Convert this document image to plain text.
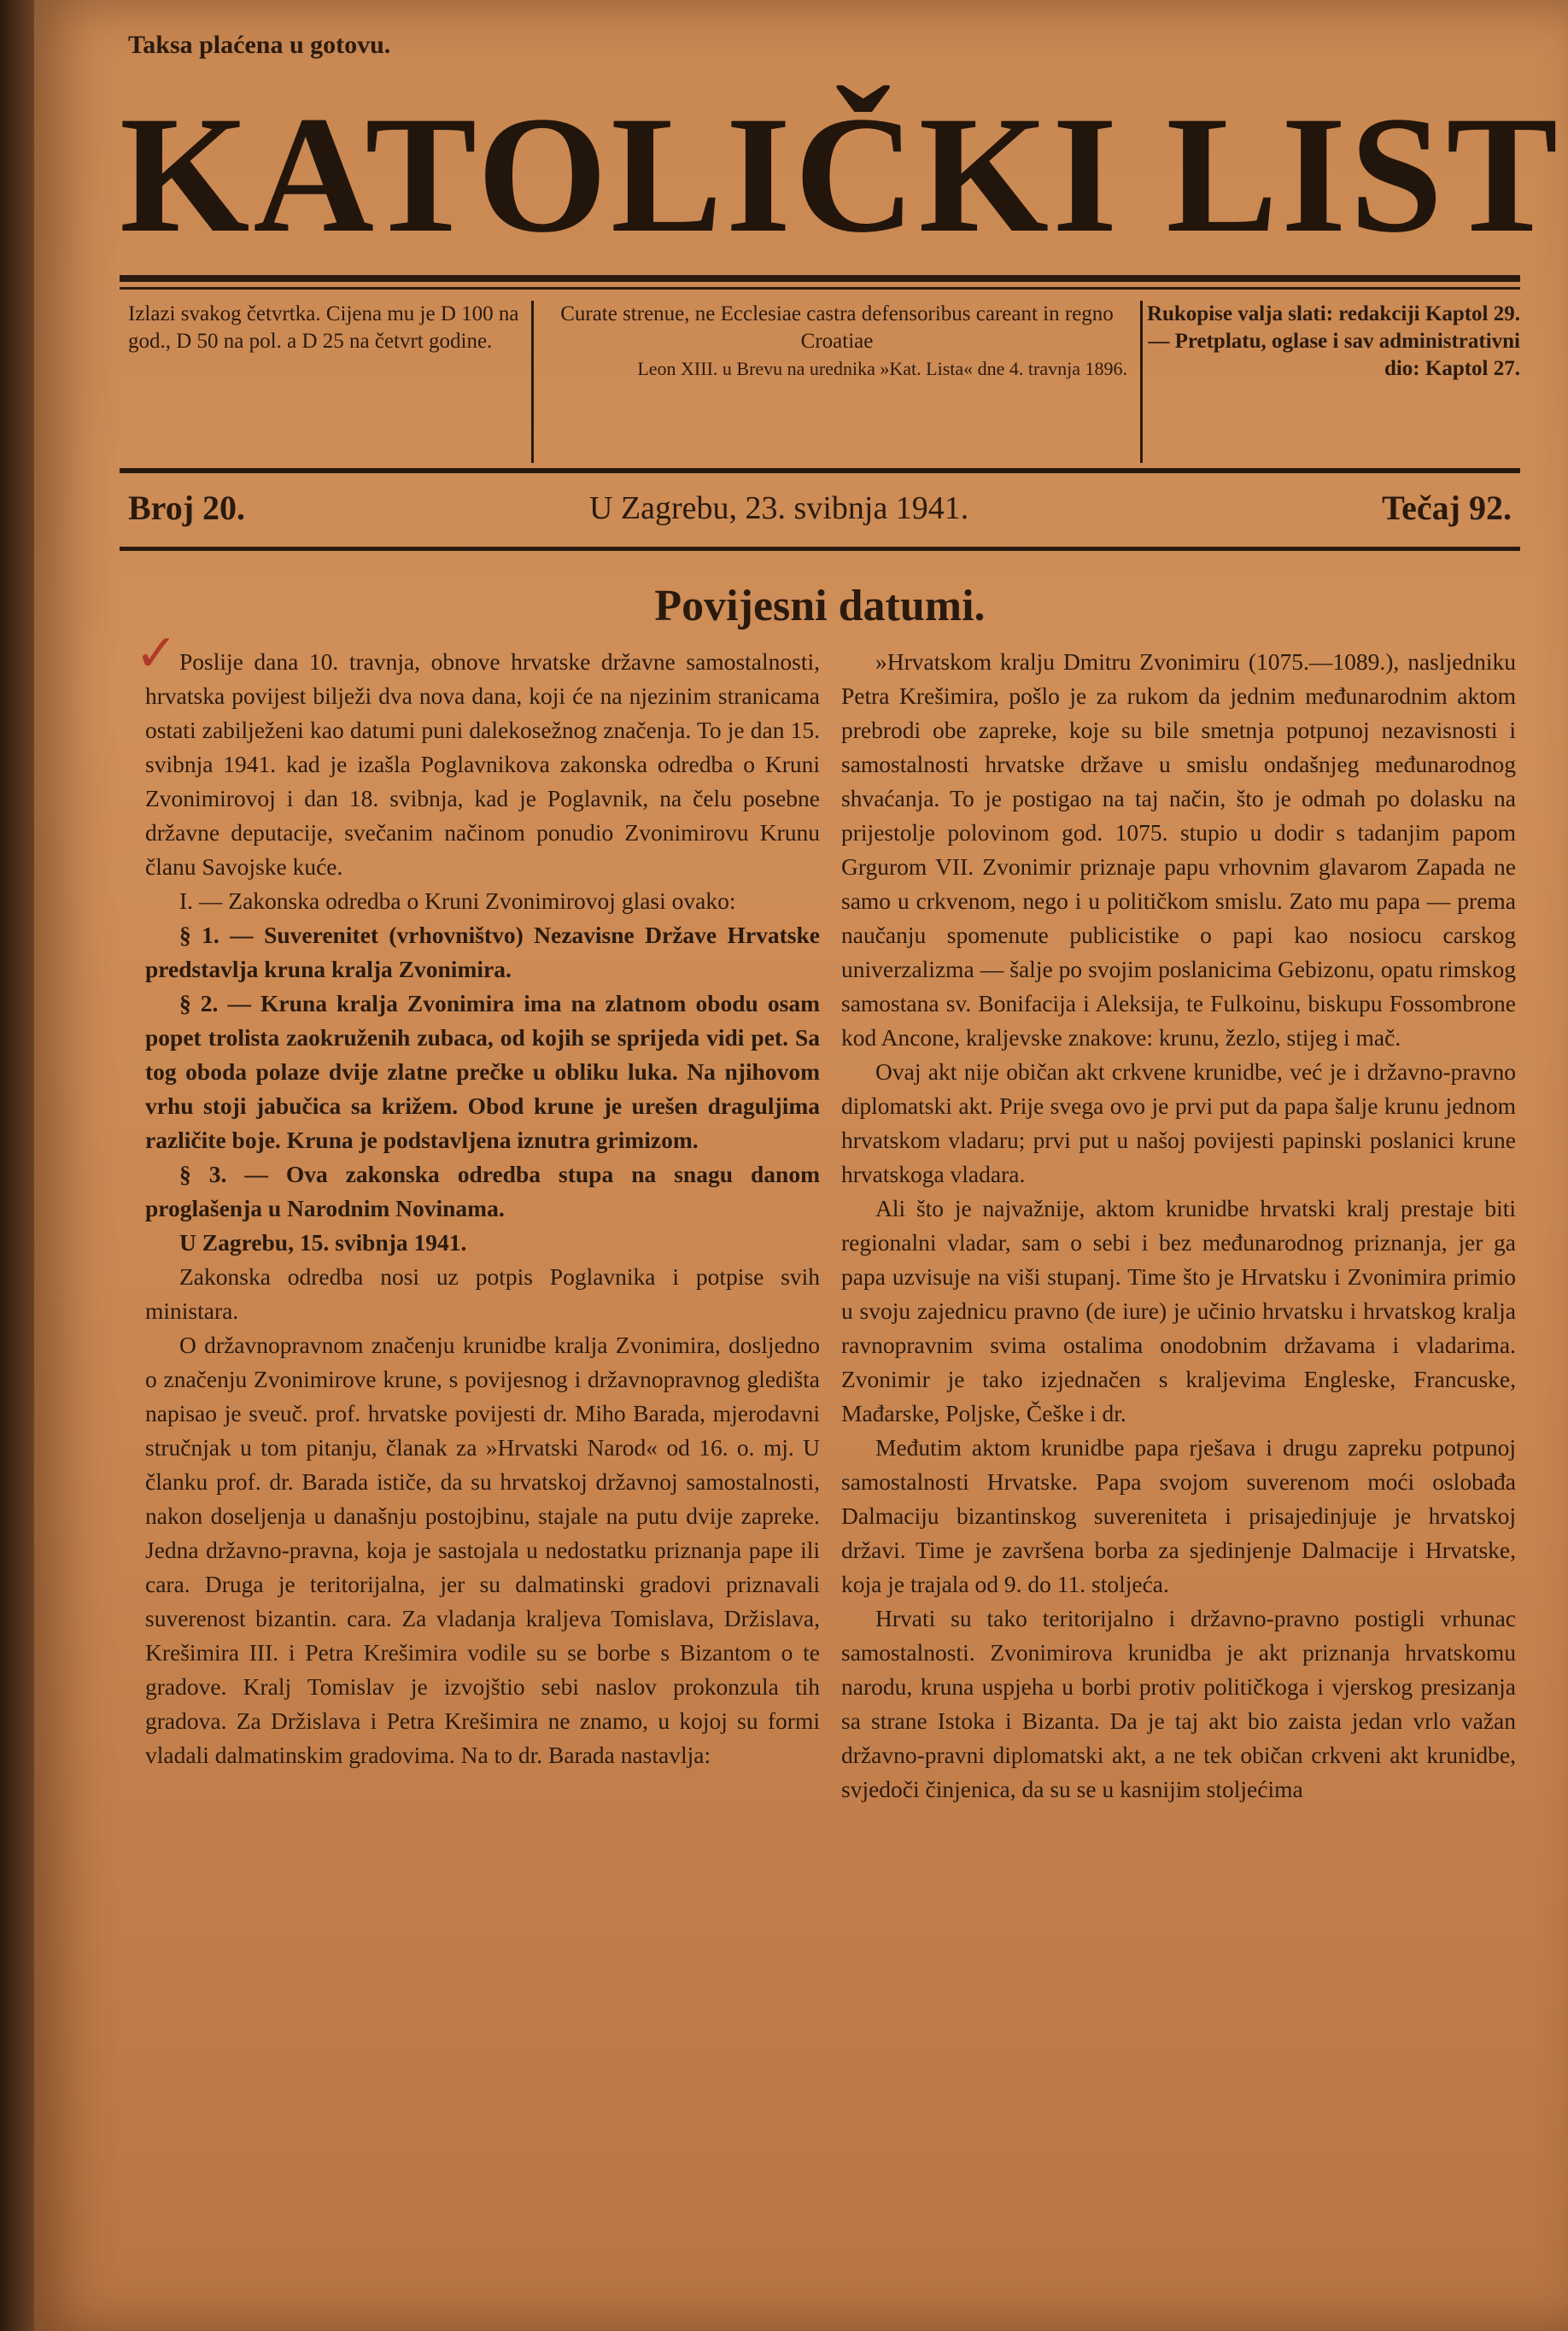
Taksa plaćena u gotovu.
KATOLIČKI LIST
Izlazi svakog četvrtka. Cijena mu je D 100 na god., D 50 na pol. a D 25 na četvrt godine.
Curate strenue, ne Ecclesiae castra defensoribus careant in regno Croatiae
Leon XIII. u Brevu na urednika »Kat. Lista« dne 4. travnja 1896.
Rukopise valja slati: redakciji Kaptol 29. — Pretplatu, oglase i sav administrativni dio: Kaptol 27.
Broj 20.	U Zagrebu, 23. svibnja 1941.	Tečaj 92.
Povijesni datumi.
✓ Poslije dana 10. travnja, obnove hrvatske državne samostalnosti, hrvatska povijest bilježi dva nova dana, koji će na njezinim stranicama ostati zabilježeni kao datumi puni dalekosežnog značenja. To je dan 15. svibnja 1941. kad je izašla Poglavnikova zakonska odredba o Kruni Zvonimirovoj i dan 18. svibnja, kad je Poglavnik, na čelu posebne državne deputacije, svečanim načinom ponudio Zvonimirovu Krunu članu Savojske kuće.

I. — Zakonska odredba o Kruni Zvonimirovoj glasi ovako:

§ 1. — Suverenitet (vrhovništvo) Nezavisne Države Hrvatske predstavlja kruna kralja Zvonimira.

§ 2. — Kruna kralja Zvonimira ima na zlatnom obodu osam popet trolista zaokruženih zubaca, od kojih se sprijeda vidi pet. Sa tog oboda polaze dvije zlatne prečke u obliku luka. Na njihovom vrhu stoji jabučica sa križem. Obod krune je urešen draguljima različite boje. Kruna je podstavljena iznutra grimizom.

§ 3. — Ova zakonska odredba stupa na snagu danom proglašenja u Narodnim Novinama.

U Zagrebu, 15. svibnja 1941.

Zakonska odredba nosi uz potpis Poglavnika i potpise svih ministara.

O državnopravnom značenju krunidbe kralja Zvonimira, dosljedno o značenju Zvonimirove krune, s povijesnog i državnopravnog gledišta napisao je sveuč. prof. hrvatske povijesti dr. Miho Barada, mjerodavni stručnjak u tom pitanju, članak za »Hrvatski Narod« od 16. o. mj. U članku prof. dr. Barada ističe, da su hrvatskoj državnoj samostalnosti, nakon doseljenja u današnju postojbinu, stajale na putu dvije zapreke. Jedna državno-pravna, koja je sastojala u nedostatku priznanja pape ili cara. Druga je teritorijalna, jer su dalmatinski gradovi priznavali suverenost bizantin. cara. Za vladanja kraljeva Tomislava, Držislava, Krešimira III. i Petra Krešimira vodile su se borbe s Bizantom o te gradove. Kralj Tomislav je izvojštio sebi naslov prokonzula tih gradova. Za Držislava i Petra Krešimira ne znamo, u kojoj su formi vladali dalmatinskim gradovima. Na to dr. Barada nastavlja:

»Hrvatskom kralju Dmitru Zvonimiru (1075.—1089.), nasljedniku Petra Krešimira, pošlo je za rukom da jednim međunarodnim aktom prebrodi obe zapreke, koje su bile smetnja potpunoj nezavisnosti i samostalnosti hrvatske države u smislu ondašnjeg međunarodnog shvaćanja. To je postigao na taj način, što je odmah po dolasku na prijestolje polovinom god. 1075. stupio u dodir s tadanjim papom Grgurom VII. Zvonimir priznaje papu vrhovnim glavarom Zapada ne samo u crkvenom, nego i u političkom smislu. Zato mu papa — prema naučanju spomenute publicistike o papi kao nosiocu carskog univerzalizma — šalje po svojim poslanicima Gebizonu, opatu rimskog samostana sv. Bonifacija i Aleksija, te Fulkoinu, biskupu Fossombrone kod Ancone, kraljevske znakove: krunu, žezlo, stijeg i mač.

Ovaj akt nije običan akt crkvene krunidbe, već je i državno-pravno diplomatski akt. Prije svega ovo je prvi put da papa šalje krunu jednom hrvatskom vladaru; prvi put u našoj povijesti papinski poslanici krune hrvatskoga vladara.

Ali što je najvažnije, aktom krunidbe hrvatski kralj prestaje biti regionalni vladar, sam o sebi i bez međunarodnog priznanja, jer ga papa uzvisuje na viši stupanj. Time što je Hrvatsku i Zvonimira primio u svoju zajednicu pravno (de iure) je učinio hrvatsku i hrvatskog kralja ravnopravnim svima ostalima onodobnim državama i vladarima. Zvonimir je tako izjednačen s kraljevima Engleske, Francuske, Mađarske, Poljske, Češke i dr.

Međutim aktom krunidbe papa rješava i drugu zapreku potpunoj samostalnosti Hrvatske. Papa svojom suverenom moći oslobađa Dalmaciju bizantinskog suvereniteta i prisajedinjuje je hrvatskoj državi. Time je završena borba za sjedinjenje Dalmacije i Hrvatske, koja je trajala od 9. do 11. stoljeća.

Hrvati su tako teritorijalno i državno-pravno postigli vrhunac samostalnosti. Zvonimirova krunidba je akt priznanja hrvatskomu narodu, kruna uspjeha u borbi protiv političkoga i vjerskog presizanja sa strane Istoka i Bizanta. Da je taj akt bio zaista jedan vrlo važan državno-pravni diplomatski akt, a ne tek običan crkveni akt krunidbe, svjedoči činjenica, da su se u kasnijim stoljećima
